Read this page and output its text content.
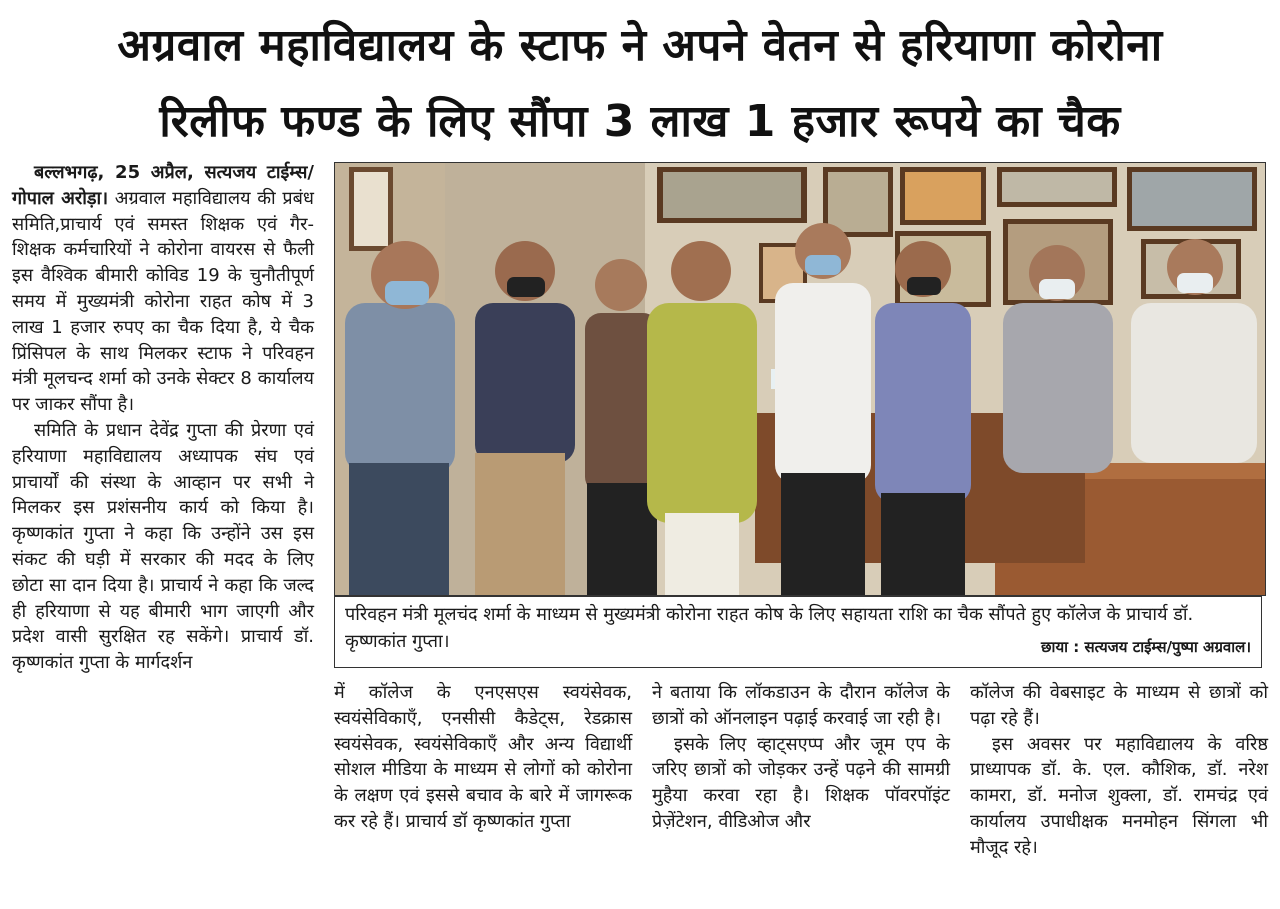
अग्रवाल महाविद्यालय के स्टाफ ने अपने वेतन से हरियाणा कोरोना
रिलीफ फण्ड के लिए सौंपा 3 लाख 1 हजार रूपये का चैक

बल्लभगढ़, 25 अप्रैल, सत्यजय टाईम्स/गोपाल अरोड़ा। अग्रवाल महाविद्यालय की प्रबंध समिति,प्राचार्य एवं समस्त शिक्षक एवं गैर-शिक्षक कर्मचारियों ने कोरोना वायरस से फैली इस वैश्विक बीमारी कोविड 19 के चुनौतीपूर्ण समय में मुख्यमंत्री कोरोना राहत कोष में 3 लाख 1 हजार रुपए का चैक दिया है, ये चैक प्रिंसिपल के साथ मिलकर स्टाफ ने परिवहन मंत्री मूलचन्द शर्मा को उनके सेक्टर 8 कार्यालय पर जाकर सौंपा है।

समिति के प्रधान देवेंद्र गुप्ता की प्रेरणा एवं हरियाणा महाविद्यालय अध्यापक संघ एवं प्राचार्यों की संस्था के आव्हान पर सभी ने मिलकर इस प्रशंसनीय कार्य को किया है। कृष्णकांत गुप्ता ने कहा कि उन्होंने उस इस संकट की घड़ी में सरकार की मदद के लिए छोटा सा दान दिया है। प्राचार्य ने कहा कि जल्द ही हरियाणा से यह बीमारी भाग जाएगी और प्रदेश वासी सुरक्षित रह सकेंगे। प्राचार्य डॉ. कृष्णकांत गुप्ता के मार्गदर्शन

परिवहन मंत्री मूलचंद शर्मा के माध्यम से मुख्यमंत्री कोरोना राहत कोष के लिए सहायता राशि का चैक सौंपते हुए कॉलेज के प्राचार्य डॉ. कृष्णकांत गुप्ता।	छाया : सत्यजय टाईम्स/पुष्पा अग्रवाल।

में कॉलेज के एनएसएस स्वयंसेवक, स्वयंसेविकाएँ, एनसीसी कैडेट्स, रेडक्रास स्वयंसेवक, स्वयंसेविकाएँ और अन्य विद्यार्थी सोशल मीडिया के माध्यम से लोगों को कोरोना के लक्षण एवं इससे बचाव के बारे में जागरूक कर रहे हैं। प्राचार्य डॉ कृष्णकांत गुप्ता

ने बताया कि लॉकडाउन के दौरान कॉलेज के छात्रों को ऑनलाइन पढ़ाई करवाई जा रही है।

इसके लिए व्हाट्सएप्प और जूम एप के जरिए छात्रों को जोड़कर उन्हें पढ़ने की सामग्री मुहैया करवा रहा है। शिक्षक पॉवरपॉइंट प्रेज़ेंटेशन, वीडिओज और

कॉलेज की वेबसाइट के माध्यम से छात्रों को पढ़ा रहे हैं।

इस अवसर पर महाविद्यालय के वरिष्ठ प्राध्यापक डॉ. के. एल. कौशिक, डॉ. नरेश कामरा, डॉ. मनोज शुक्ला, डॉ. रामचंद्र एवं कार्यालय उपाधीक्षक मनमोहन सिंगला भी मौजूद रहे।
